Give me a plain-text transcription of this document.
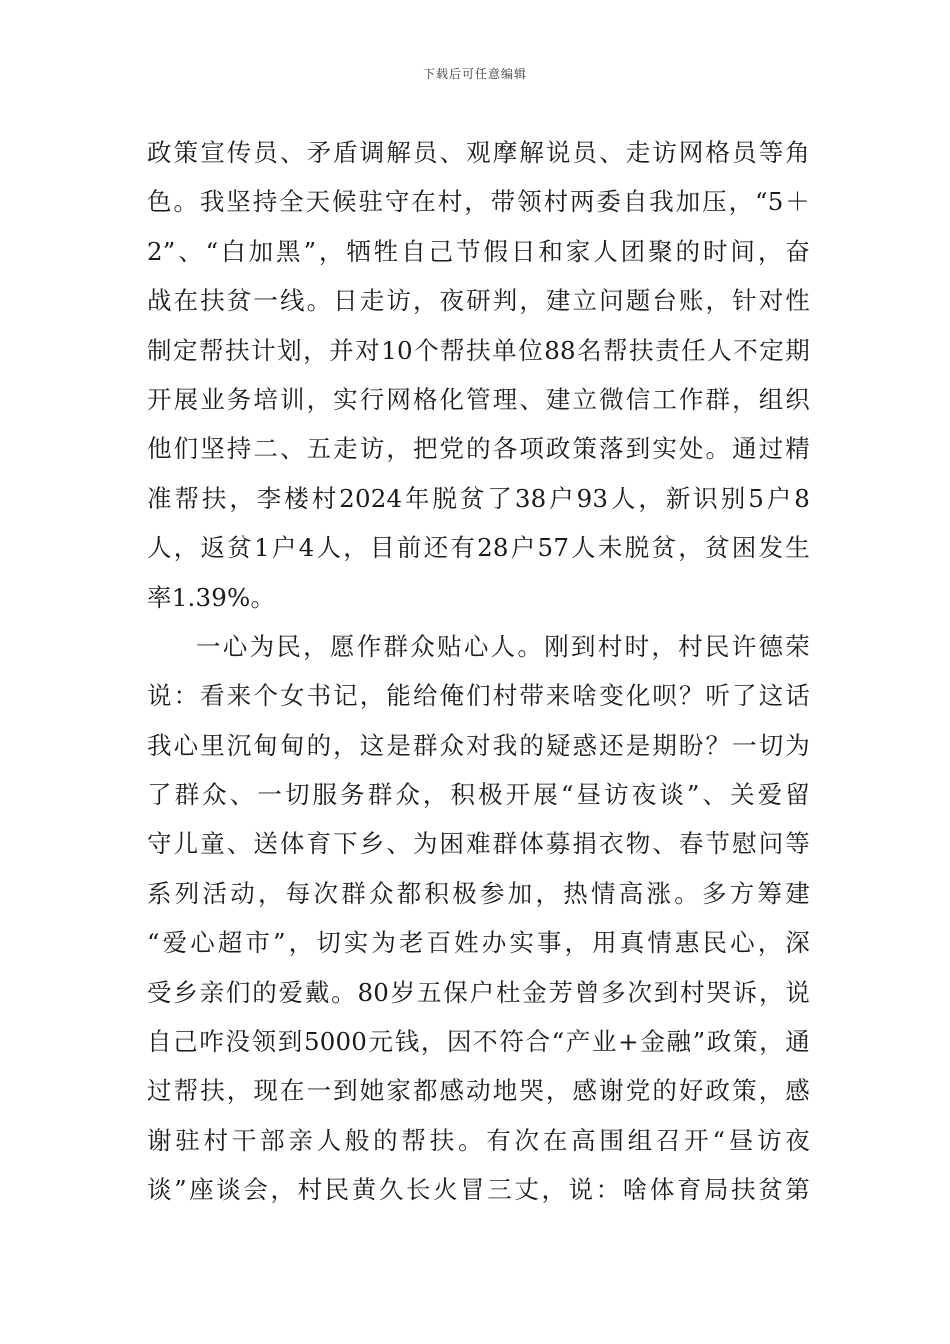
下载后可任意编辑
政策宣传员、矛盾调解员、观摩解说员、走访网格员等角
色。我坚持全天候驻守在村，带领村两委自我加压，“5＋
2”、“白加黑”，牺牲自己节假日和家人团聚的时间，奋
战在扶贫一线。日走访，夜研判，建立问题台账，针对性
制定帮扶计划，并对10个帮扶单位88名帮扶责任人不定期
开展业务培训，实行网格化管理、建立微信工作群，组织
他们坚持二、五走访，把党的各项政策落到实处。通过精
准帮扶，李楼村2024年脱贫了38户93人，新识别5户8
人，返贫1户4人，目前还有28户57人未脱贫，贫困发生
率1.39%。
一心为民，愿作群众贴心人。刚到村时，村民许德荣
说：看来个女书记，能给俺们村带来啥变化呗？听了这话
我心里沉甸甸的，这是群众对我的疑惑还是期盼？一切为
了群众、一切服务群众，积极开展“昼访夜谈”、关爱留
守儿童、送体育下乡、为困难群体募捐衣物、春节慰问等
系列活动，每次群众都积极参加，热情高涨。多方筹建
“爱心超市”，切实为老百姓办实事，用真情惠民心，深
受乡亲们的爱戴。80岁五保户杜金芳曾多次到村哭诉，说
自己咋没领到5000元钱，因不符合“产业+金融”政策，通
过帮扶，现在一到她家都感动地哭，感谢党的好政策，感
谢驻村干部亲人般的帮扶。有次在高围组召开“昼访夜
谈”座谈会，村民黄久长火冒三丈，说：啥体育局扶贫第
